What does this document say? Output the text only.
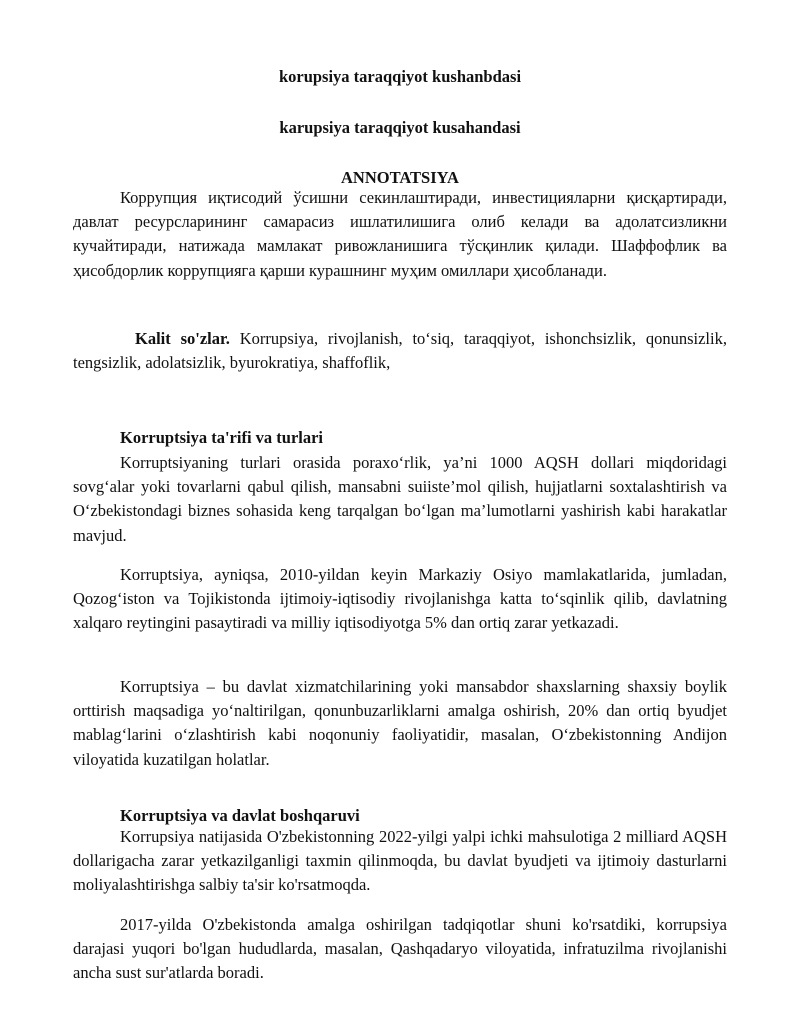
korupsiya taraqqiyot kushanbdasi
karupsiya taraqqiyot kusahandasi
ANNOTATSIYA

Коррупция иқтисодий ўсишни секинлаштиради, инвестицияларни қисқартиради, давлат ресурсларининг самарасиз ишлатилишига олиб келади ва адолатсизликни кучайтиради, натижада мамлакат ривожланишига тўсқинлик қилади. Шаффофлик ва ҳисобдорлик коррупцияга қарши курашнинг муҳим омиллари ҳисобланади.

Kalit so'zlar. Korrupsiya, rivojlanish, to‘siq, taraqqiyot, ishonchsizlik, qonunsizlik, tengsizlik, adolatsizlik, byurokratiya, shaffoflik,

Korruptsiya ta'rifi va turlari

Korruptsiyaning turlari orasida poraxo‘rlik, ya’ni 1000 AQSH dollari miqdoridagi sovg‘alar yoki tovarlarni qabul qilish, mansabni suiiste’mol qilish, hujjatlarni soxtalashtirish va O‘zbekistondagi biznes sohasida keng tarqalgan bo‘lgan ma’lumotlarni yashirish kabi harakatlar mavjud.

Korruptsiya, ayniqsa, 2010-yildan keyin Markaziy Osiyo mamlakatlarida, jumladan, Qozog‘iston va Tojikistonda ijtimoiy-iqtisodiy rivojlanishga katta to‘sqinlik qilib, davlatning xalqaro reytingini pasaytiradi va milliy iqtisodiyotga 5% dan ortiq zarar yetkazadi.

Korruptsiya – bu davlat xizmatchilarining yoki mansabdor shaxslarning shaxsiy boylik orttirish maqsadiga yo‘naltirilgan, qonunbuzarliklarni amalga oshirish, 20% dan ortiq byudjet mablag‘larini o‘zlashtirish kabi noqonuniy faoliyatidir, masalan, O‘zbekistonning Andijon viloyatida kuzatilgan holatlar.

Korruptsiya va davlat boshqaruvi

Korrupsiya natijasida O'zbekistonning 2022-yilgi yalpi ichki mahsulotiga 2 milliard AQSH dollarigacha zarar yetkazilganligi taxmin qilinmoqda, bu davlat byudjeti va ijtimoiy dasturlarni moliyalashtirishga salbiy ta'sir ko'rsatmoqda.

2017-yilda O'zbekistonda amalga oshirilgan tadqiqotlar shuni ko'rsatdiki, korrupsiya darajasi yuqori bo'lgan hududlarda, masalan, Qashqadaryo viloyatida, infratuzilma rivojlanishi ancha sust sur'atlarda boradi.
